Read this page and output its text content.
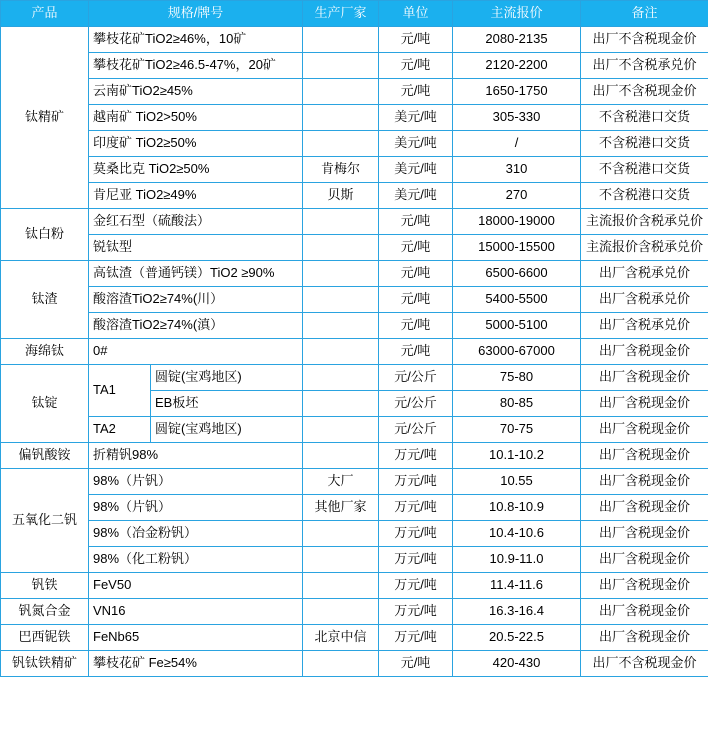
产品	规格/牌号		生产厂家	单位	主流报价	备注
钛精矿	攀枝花矿TiO2≥46%，10矿			元/吨	2080-2135	出厂不含税现金价
	攀枝花矿TiO2≥46.5-47%，20矿			元/吨	2120-2200	出厂不含税承兑价
	云南矿TiO2≥45%			元/吨	1650-1750	出厂不含税现金价
	越南矿 TiO2>50%			美元/吨	305-330	不含税港口交货
	印度矿 TiO2≥50%			美元/吨	/	不含税港口交货
	莫桑比克 TiO2≥50%		肯梅尔	美元/吨	310	不含税港口交货
	肯尼亚 TiO2≥49%		贝斯	美元/吨	270	不含税港口交货
钛白粉	金红石型（硫酸法）			元/吨	18000-19000	主流报价含税承兑价
	锐钛型			元/吨	15000-15500	主流报价含税承兑价
钛渣	高钛渣（普通钙镁）TiO2 ≥90%			元/吨	6500-6600	出厂含税承兑价
	酸溶渣TiO2≥74%(川）			元/吨	5400-5500	出厂含税承兑价
	酸溶渣TiO2≥74%(滇）			元/吨	5000-5100	出厂含税承兑价
海绵钛	0#			元/吨	63000-67000	出厂含税现金价
钛锭	TA1	圆锭(宝鸡地区)		元/公斤	75-80	出厂含税现金价
		EB板坯		元/公斤	80-85	出厂含税现金价
	TA2	圆锭(宝鸡地区)		元/公斤	70-75	出厂含税现金价
偏钒酸铵	折精钒98%			万元/吨	10.1-10.2	出厂含税现金价
五氧化二钒	98%（片钒）		大厂	万元/吨	10.55	出厂含税现金价
	98%（片钒）		其他厂家	万元/吨	10.8-10.9	出厂含税现金价
	98%（冶金粉钒）			万元/吨	10.4-10.6	出厂含税现金价
	98%（化工粉钒）			万元/吨	10.9-11.0	出厂含税现金价
钒铁	FeV50			万元/吨	11.4-11.6	出厂含税现金价
钒氮合金	VN16			万元/吨	16.3-16.4	出厂含税现金价
巴西铌铁	FeNb65		北京中信	万元/吨	20.5-22.5	出厂含税现金价
钒钛铁精矿	攀枝花矿 Fe≥54%			元/吨	420-430	出厂不含税现金价
